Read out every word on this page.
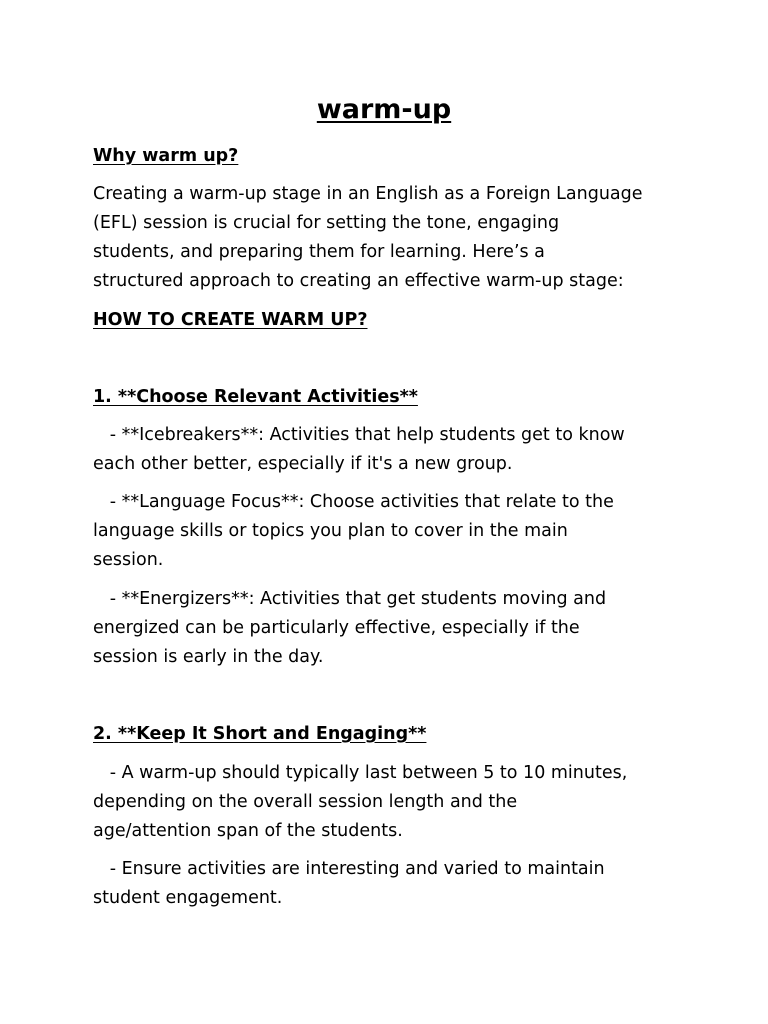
warm-up
Why warm up?
Creating a warm-up stage in an English as a Foreign Language
(EFL) session is crucial for setting the tone, engaging
students, and preparing them for learning. Here’s a
structured approach to creating an effective warm-up stage:
HOW TO CREATE WARM UP?
1. **Choose Relevant Activities**
- **Icebreakers**: Activities that help students get to know
each other better, especially if it's a new group.
- **Language Focus**: Choose activities that relate to the
language skills or topics you plan to cover in the main
session.
- **Energizers**: Activities that get students moving and
energized can be particularly effective, especially if the
session is early in the day.
2. **Keep It Short and Engaging**
- A warm-up should typically last between 5 to 10 minutes,
depending on the overall session length and the
age/attention span of the students.
- Ensure activities are interesting and varied to maintain
student engagement.
